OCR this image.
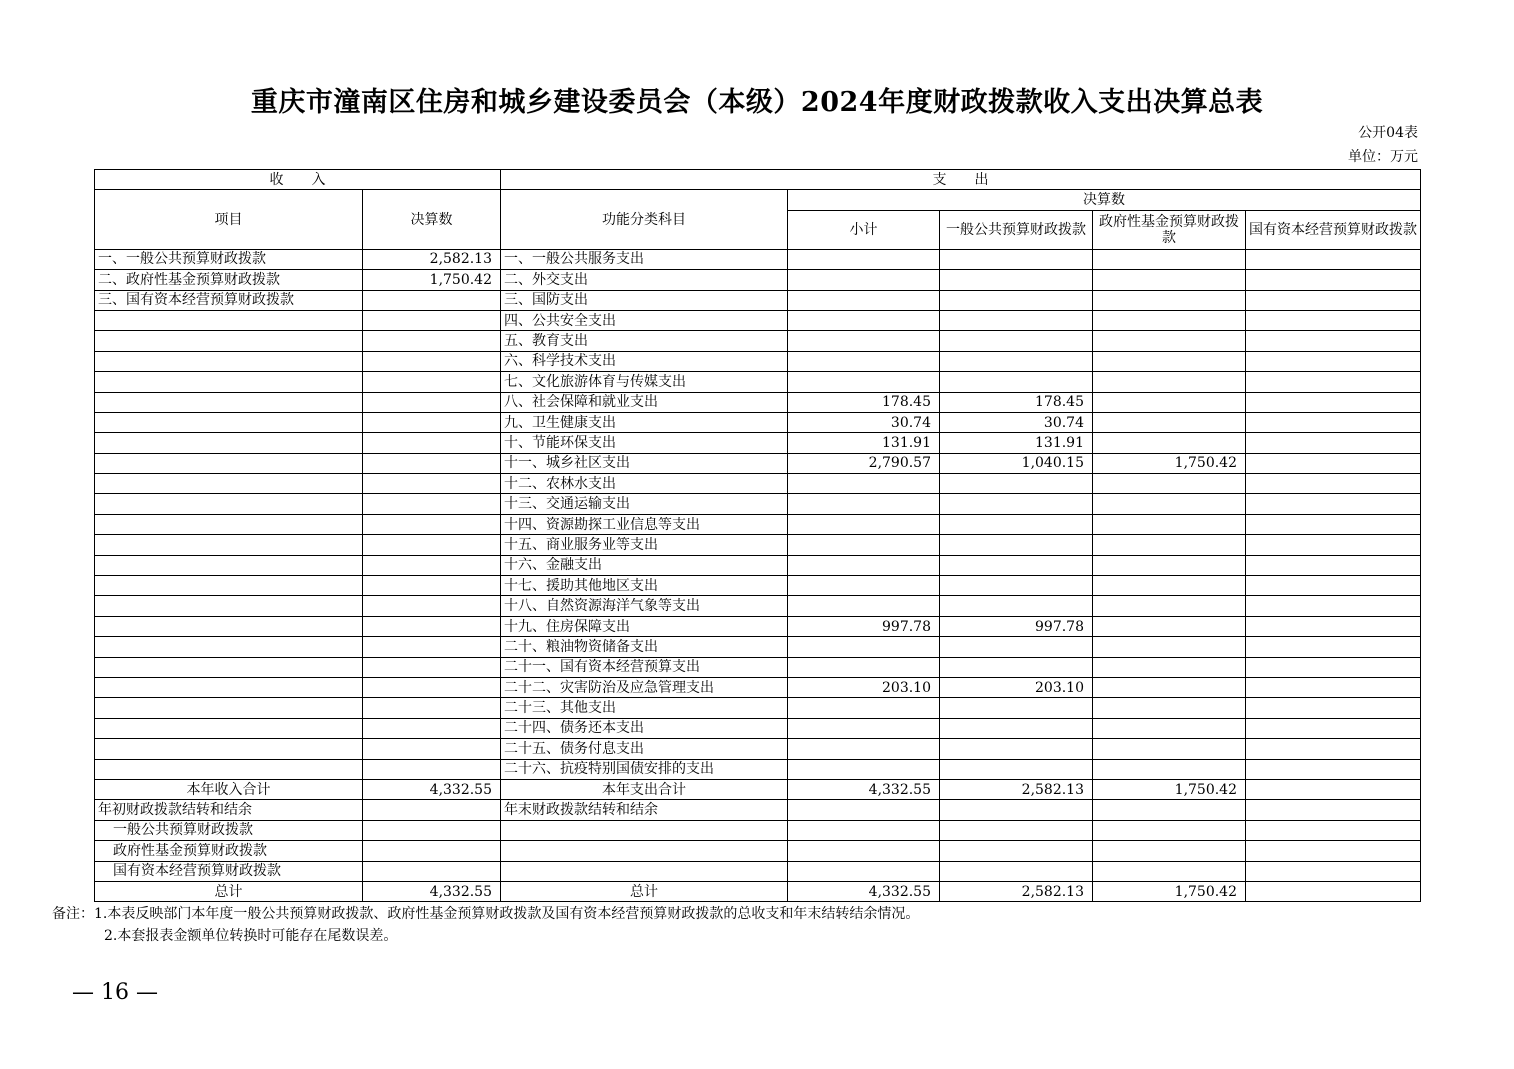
重庆市潼南区住房和城乡建设委员会（本级）2024年度财政拨款收入支出决算总表
公开04表
单位：万元
收　　入		支　　出				
项目	决算数	功能分类科目	决算数			
			小计	一般公共预算财政拨款	政府性基金预算财政拨款	国有资本经营预算财政拨款
一、一般公共预算财政拨款	2,582.13	一、一般公共服务支出				
二、政府性基金预算财政拨款	1,750.42	二、外交支出				
三、国有资本经营预算财政拨款		三、国防支出				
		四、公共安全支出				
		五、教育支出				
		六、科学技术支出				
		七、文化旅游体育与传媒支出				
		八、社会保障和就业支出	178.45	178.45		
		九、卫生健康支出	30.74	30.74		
		十、节能环保支出	131.91	131.91		
		十一、城乡社区支出	2,790.57	1,040.15	1,750.42	
		十二、农林水支出				
		十三、交通运输支出				
		十四、资源勘探工业信息等支出				
		十五、商业服务业等支出				
		十六、金融支出				
		十七、援助其他地区支出				
		十八、自然资源海洋气象等支出				
		十九、住房保障支出	997.78	997.78		
		二十、粮油物资储备支出				
		二十一、国有资本经营预算支出				
		二十二、灾害防治及应急管理支出	203.10	203.10		
		二十三、其他支出				
		二十四、债务还本支出				
		二十五、债务付息支出				
		二十六、抗疫特别国债安排的支出				
本年收入合计	4,332.55	本年支出合计	4,332.55	2,582.13	1,750.42	
年初财政拨款结转和结余		年末财政拨款结转和结余				
一般公共预算财政拨款						
政府性基金预算财政拨款						
国有资本经营预算财政拨款						
总计	4,332.55	总计	4,332.55	2,582.13	1,750.42	
备注：1.本表反映部门本年度一般公共预算财政拨款、政府性基金预算财政拨款及国有资本经营预算财政拨款的总收支和年末结转结余情况。
2.本套报表金额单位转换时可能存在尾数误差。
— 16 —
